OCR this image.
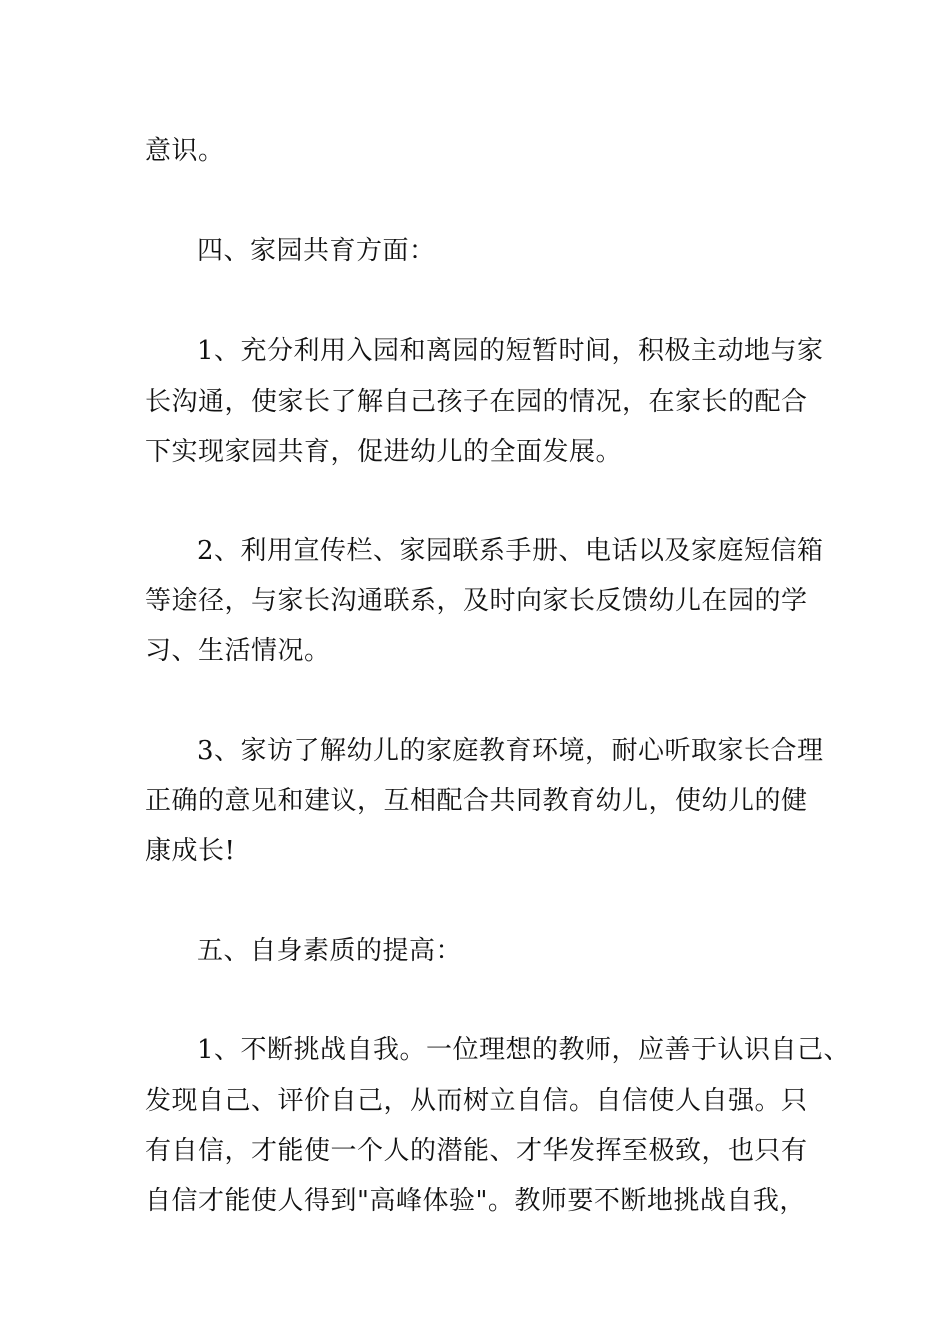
意识。
四、家园共育方面：
1、充分利用入园和离园的短暂时间，积极主动地与家
长沟通，使家长了解自己孩子在园的情况，在家长的配合
下实现家园共育，促进幼儿的全面发展。
2、利用宣传栏、家园联系手册、电话以及家庭短信箱
等途径，与家长沟通联系，及时向家长反馈幼儿在园的学
习、生活情况。
3、家访了解幼儿的家庭教育环境，耐心听取家长合理
正确的意见和建议，互相配合共同教育幼儿，使幼儿的健
康成长!
五、自身素质的提高：
1、不断挑战自我。一位理想的教师，应善于认识自己、
发现自己、评价自己，从而树立自信。自信使人自强。只
有自信，才能使一个人的潜能、才华发挥至极致，也只有
自信才能使人得到"高峰体验"。教师要不断地挑战自我，
